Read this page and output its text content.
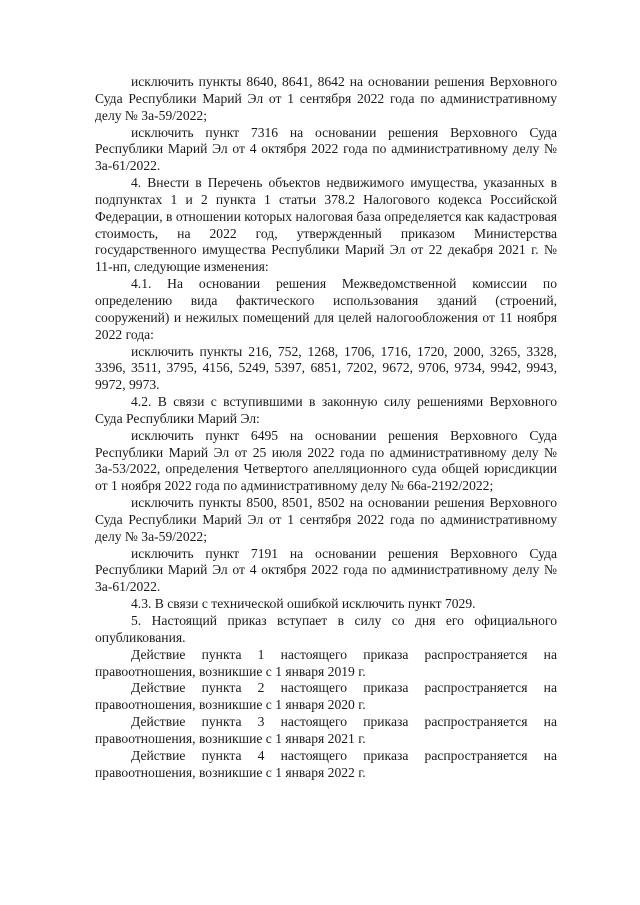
исключить пункты 8640, 8641, 8642 на основании решения Верховного Суда Республики Марий Эл от 1 сентября 2022 года по административному делу № 3а-59/2022;

исключить пункт 7316 на основании решения Верховного Суда Республики Марий Эл от 4 октября 2022 года по административному делу № 3а-61/2022.

4. Внести в Перечень объектов недвижимого имущества, указанных в подпунктах 1 и 2 пункта 1 статьи 378.2 Налогового кодекса Российской Федерации, в отношении которых налоговая база определяется как кадастровая стоимость, на 2022 год, утвержденный приказом Министерства государственного имущества Республики Марий Эл от 22 декабря 2021 г. № 11-нп, следующие изменения:

4.1. На основании решения Межведомственной комиссии по определению вида фактического использования зданий (строений, сооружений) и нежилых помещений для целей налогообложения от 11 ноября 2022 года:

исключить пункты 216, 752, 1268, 1706, 1716, 1720, 2000, 3265, 3328, 3396, 3511, 3795, 4156, 5249, 5397, 6851, 7202, 9672, 9706, 9734, 9942, 9943, 9972, 9973.

4.2. В связи с вступившими в законную силу решениями Верховного Суда Республики Марий Эл:

исключить пункт 6495 на основании решения Верховного Суда Республики Марий Эл от 25 июля 2022 года по административному делу № 3а-53/2022, определения Четвертого апелляционного суда общей юрисдикции от 1 ноября 2022 года по административному делу № 66а-2192/2022;

исключить пункты 8500, 8501, 8502 на основании решения Верховного Суда Республики Марий Эл от 1 сентября 2022 года по административному делу № 3а-59/2022;

исключить пункт 7191 на основании решения Верховного Суда Республики Марий Эл от 4 октября 2022 года по административному делу № 3а-61/2022.

4.3. В связи с технической ошибкой исключить пункт 7029.

5. Настоящий приказ вступает в силу со дня его официального опубликования.

Действие пункта 1 настоящего приказа распространяется на правоотношения, возникшие с 1 января 2019 г.

Действие пункта 2 настоящего приказа распространяется на правоотношения, возникшие с 1 января 2020 г.

Действие пункта 3 настоящего приказа распространяется на правоотношения, возникшие с 1 января 2021 г.

Действие пункта 4 настоящего приказа распространяется на правоотношения, возникшие с 1 января 2022 г.
